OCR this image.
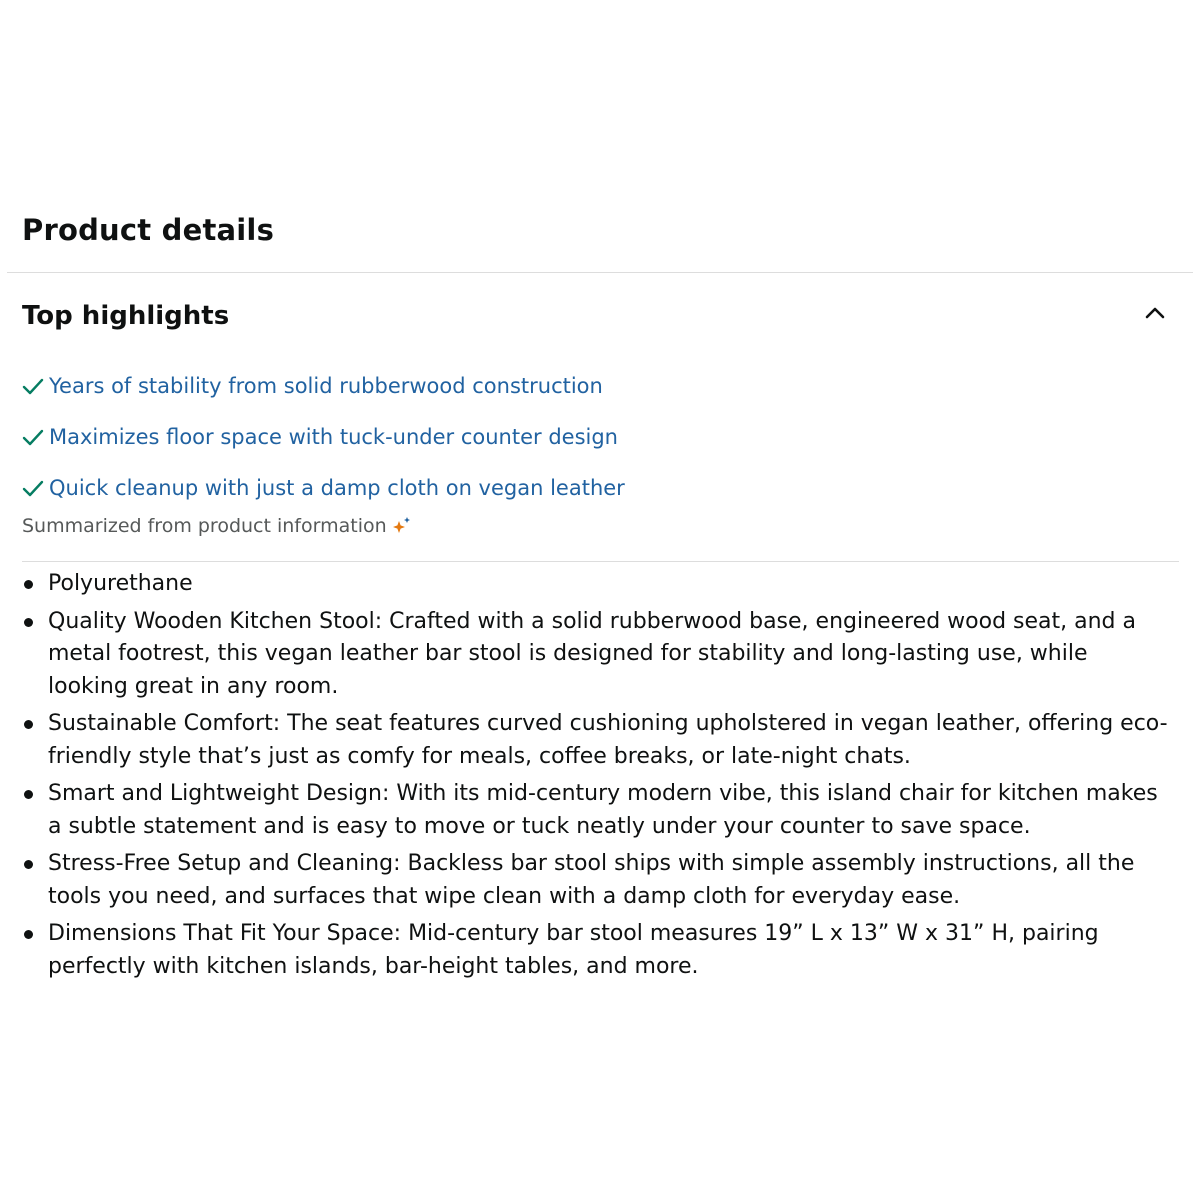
Product details
Top highlights
Years of stability from solid rubberwood construction
Maximizes floor space with tuck-under counter design
Quick cleanup with just a damp cloth on vegan leather
Summarized from product information
Polyurethane
Quality Wooden Kitchen Stool: Crafted with a solid rubberwood base, engineered wood seat, and a metal footrest, this vegan leather bar stool is designed for stability and long-lasting use, while looking great in any room.
Sustainable Comfort: The seat features curved cushioning upholstered in vegan leather, offering eco-friendly style that’s just as comfy for meals, coffee breaks, or late-night chats.
Smart and Lightweight Design: With its mid-century modern vibe, this island chair for kitchen makes a subtle statement and is easy to move or tuck neatly under your counter to save space.
Stress-Free Setup and Cleaning: Backless bar stool ships with simple assembly instructions, all the tools you need, and surfaces that wipe clean with a damp cloth for everyday ease.
Dimensions That Fit Your Space: Mid-century bar stool measures 19” L x 13” W x 31” H, pairing perfectly with kitchen islands, bar-height tables, and more.
